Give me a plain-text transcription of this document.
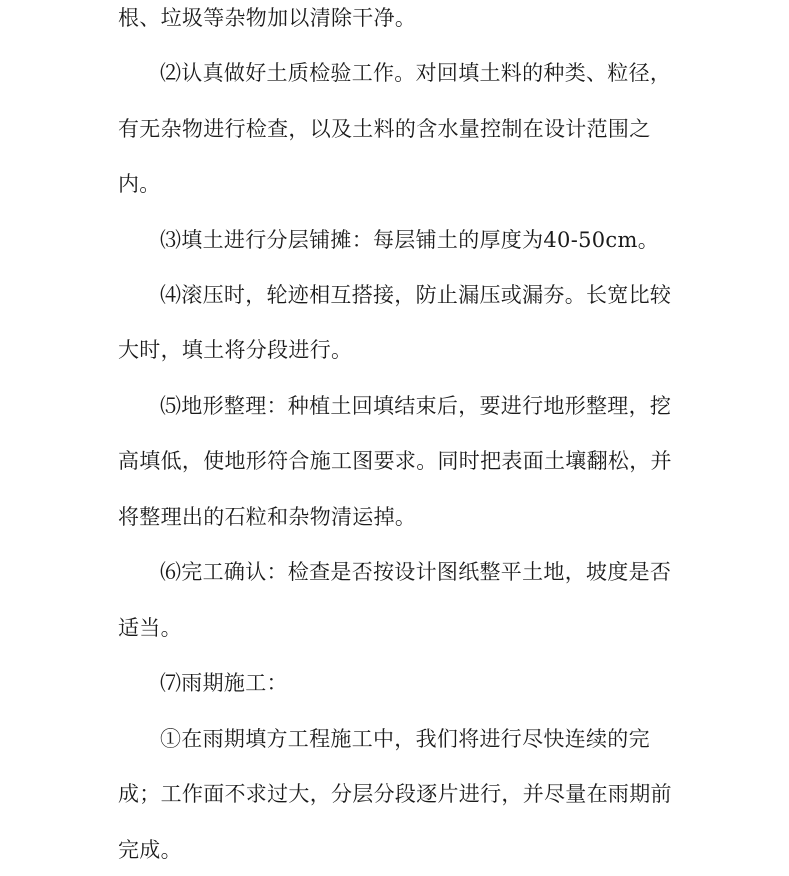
根、垃圾等杂物加以清除干净。
⑵认真做好土质检验工作。对回填土料的种类、粒径，
有无杂物进行检查，以及土料的含水量控制在设计范围之
内。
⑶填土进行分层铺摊：每层铺土的厚度为40-50cm。
⑷滚压时，轮迹相互搭接，防止漏压或漏夯。长宽比较
大时，填土将分段进行。
⑸地形整理：种植土回填结束后，要进行地形整理，挖
高填低，使地形符合施工图要求。同时把表面土壤翻松，并
将整理出的石粒和杂物清运掉。
⑹完工确认：检查是否按设计图纸整平土地，坡度是否
适当。
⑺雨期施工：
①在雨期填方工程施工中，我们将进行尽快连续的完
成；工作面不求过大，分层分段逐片进行，并尽量在雨期前
完成。
